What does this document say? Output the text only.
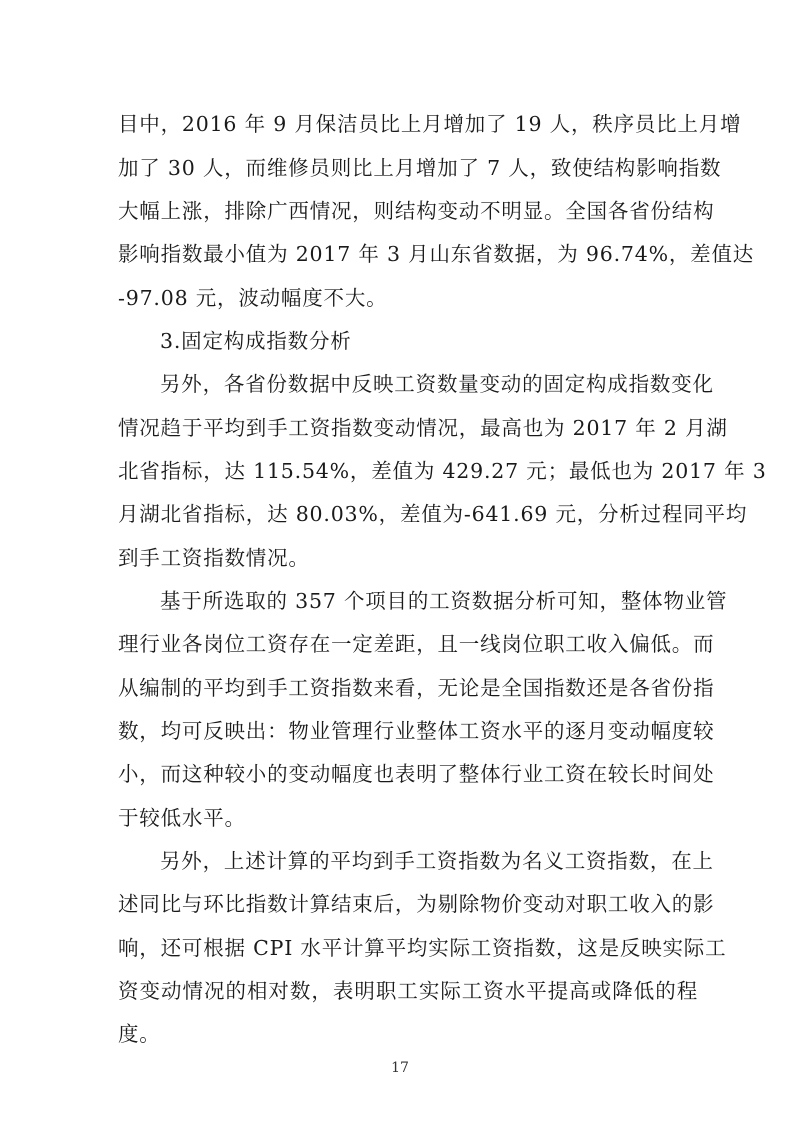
目中，2016 年 9 月保洁员比上月增加了 19 人，秩序员比上月增
加了 30 人，而维修员则比上月增加了 7 人，致使结构影响指数
大幅上涨，排除广西情况，则结构变动不明显。全国各省份结构
影响指数最小值为 2017 年 3 月山东省数据，为 96.74%，差值达
-97.08 元，波动幅度不大。
3.固定构成指数分析
另外，各省份数据中反映工资数量变动的固定构成指数变化
情况趋于平均到手工资指数变动情况，最高也为 2017 年 2 月湖
北省指标，达 115.54%，差值为 429.27 元；最低也为 2017 年 3
月湖北省指标，达 80.03%，差值为-641.69 元，分析过程同平均
到手工资指数情况。
基于所选取的 357 个项目的工资数据分析可知，整体物业管
理行业各岗位工资存在一定差距，且一线岗位职工收入偏低。而
从编制的平均到手工资指数来看，无论是全国指数还是各省份指
数，均可反映出：物业管理行业整体工资水平的逐月变动幅度较
小，而这种较小的变动幅度也表明了整体行业工资在较长时间处
于较低水平。
另外，上述计算的平均到手工资指数为名义工资指数，在上
述同比与环比指数计算结束后，为剔除物价变动对职工收入的影
响，还可根据 CPI 水平计算平均实际工资指数，这是反映实际工
资变动情况的相对数，表明职工实际工资水平提高或降低的程
度。
17
